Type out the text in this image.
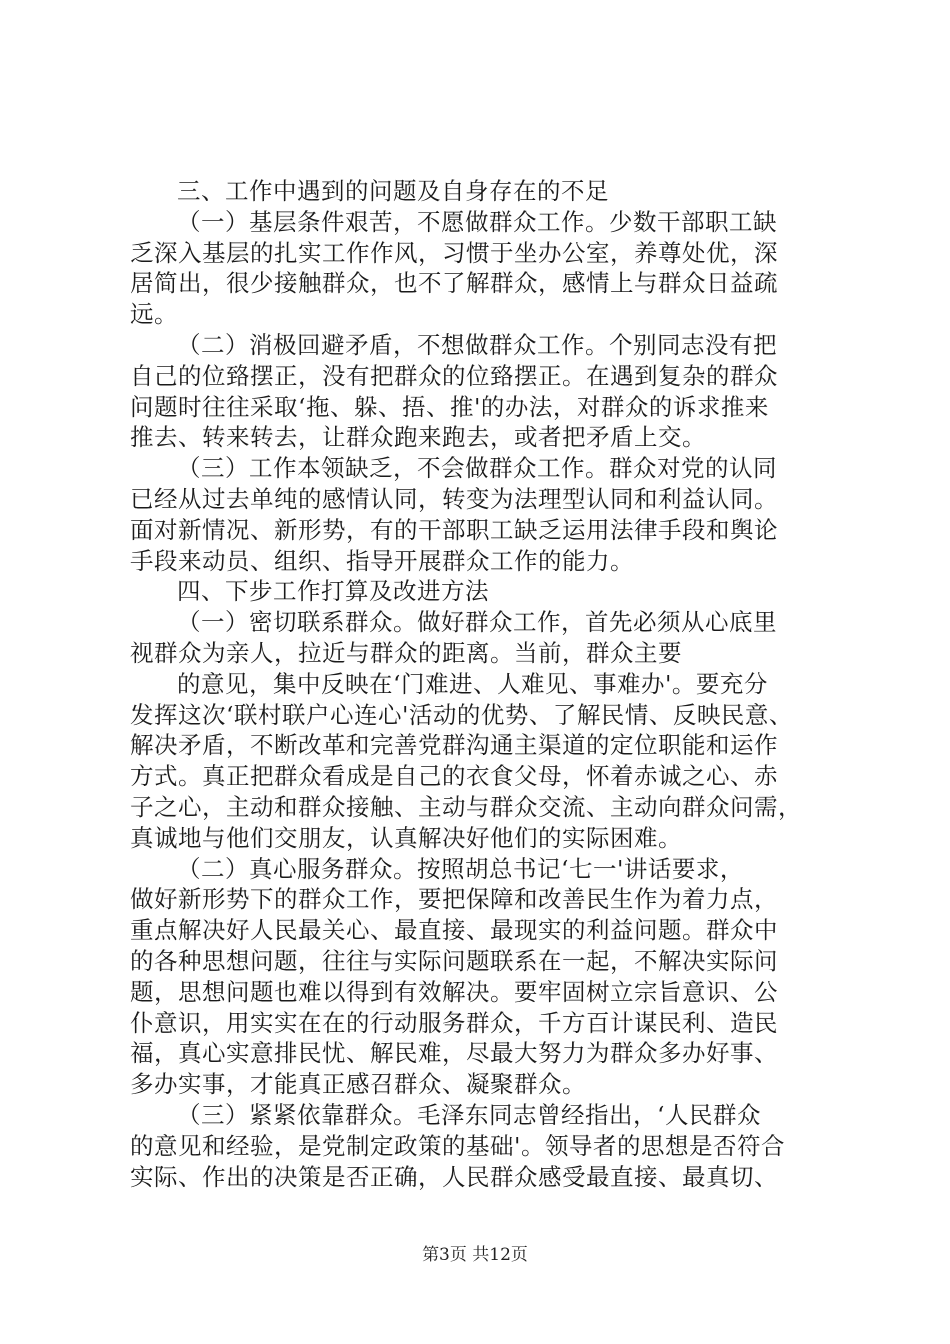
三、工作中遇到的问题及自身存在的不足
（一）基层条件艰苦，不愿做群众工作。少数干部职工缺
乏深入基层的扎实工作作风，习惯于坐办公室，养尊处优，深
居简出，很少接触群众，也不了解群众，感情上与群众日益疏
远。
（二）消极回避矛盾，不想做群众工作。个别同志没有把
自己的位臵摆正，没有把群众的位臵摆正。在遇到复杂的群众
问题时往往采取‘拖、躲、捂、推'的办法，对群众的诉求推来
推去、转来转去，让群众跑来跑去，或者把矛盾上交。
（三）工作本领缺乏，不会做群众工作。群众对党的认同
已经从过去单纯的感情认同，转变为法理型认同和利益认同。
面对新情况、新形势，有的干部职工缺乏运用法律手段和舆论
手段来动员、组织、指导开展群众工作的能力。
四、下步工作打算及改进方法
（一）密切联系群众。做好群众工作，首先必须从心底里
视群众为亲人，拉近与群众的距离。当前，群众主要
的意见，集中反映在‘门难进、人难见、事难办'。要充分
发挥这次‘联村联户心连心'活动的优势、了解民情、反映民意、
解决矛盾，不断改革和完善党群沟通主渠道的定位职能和运作
方式。真正把群众看成是自己的衣食父母，怀着赤诚之心、赤
子之心，主动和群众接触、主动与群众交流、主动向群众问需，
真诚地与他们交朋友，认真解决好他们的实际困难。
（二）真心服务群众。按照胡总书记‘七一'讲话要求，
做好新形势下的群众工作，要把保障和改善民生作为着力点，
重点解决好人民最关心、最直接、最现实的利益问题。群众中
的各种思想问题，往往与实际问题联系在一起，不解决实际问
题，思想问题也难以得到有效解决。要牢固树立宗旨意识、公
仆意识，用实实在在的行动服务群众，千方百计谋民利、造民
福，真心实意排民忧、解民难，尽最大努力为群众多办好事、
多办实事，才能真正感召群众、凝聚群众。
（三）紧紧依靠群众。毛泽东同志曾经指出，‘人民群众
的意见和经验，是党制定政策的基础'。领导者的思想是否符合
实际、作出的决策是否正确，人民群众感受最直接、最真切、
第3页 共12页
